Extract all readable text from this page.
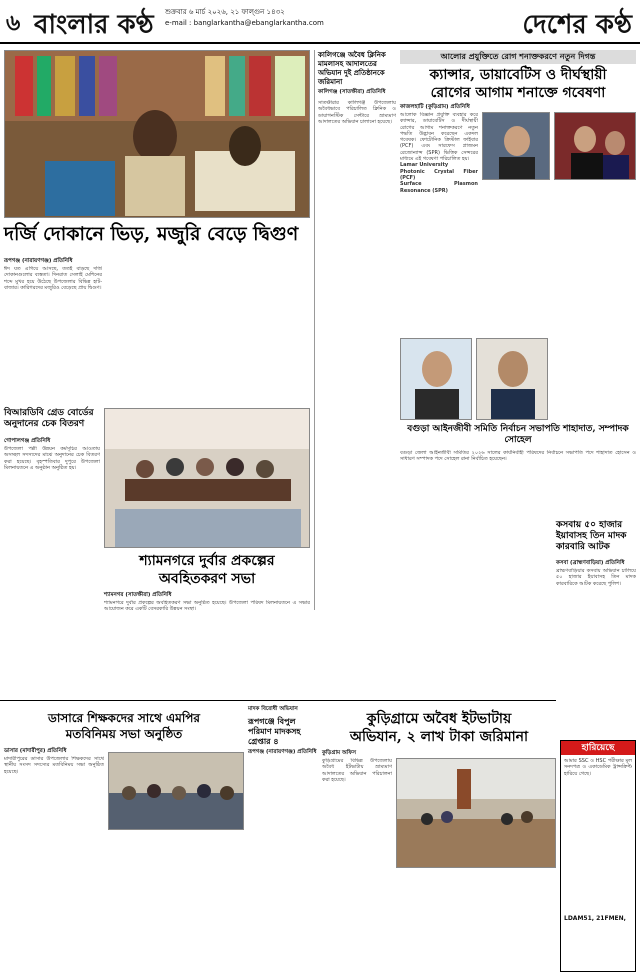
৬ বাংলার কণ্ঠ শুক্রবার ৬ মার্চ ২০২৬, ২১ ফাল্গুন ১৪৩২
e-mail : banglarkantha@ebanglarkantha.com	দেশের কণ্ঠ
দর্জি দোকানে ভিড়, মজুরি বেড়ে দ্বিগুণ
রূপগঞ্জ (নারায়ণগঞ্জ) প্রতিনিধি

ঈদ যত এগিয়ে আসছে, ততই বাড়ছে দর্জি দোকানগুলোর ব্যস্ততা। দিনরাত সেলাই মেশিনের শব্দে মুখর হয়ে উঠেছে উপজেলার বিভিন্ন হাট-বাজার। কারিগরদের মজুরিও বেড়েছে প্রায় দ্বিগুণ।

কালিগঞ্জে অবৈধ ক্লিনিক মামলাসহ আদালতের অভিযান দুই প্রতিষ্ঠানকে জরিমানা
কালিগঞ্জ (সাতক্ষীরা) প্রতিনিধি
সাতক্ষীরার কালিগঞ্জ উপজেলায় অবৈধভাবে পরিচালিত ক্লিনিক ও ডায়াগনস্টিক সেন্টারে ভ্রাম্যমাণ আদালতের অভিযান চালানো হয়েছে।
আলোর প্রযুক্তিতে রোগ শনাক্তকরণে নতুন দিগন্ত
ক্যান্সার, ডায়াবেটিস ও দীর্ঘস্থায়ী
রোগের আগাম শনাক্তে গবেষণা
কাজলহাটি (কুড়িগ্রাম) প্রতিনিধি

আলোক বিজ্ঞান প্রযুক্তি ব্যবহার করে ক্যান্সার, ডায়াবেটিস ও দীর্ঘস্থায়ী রোগের আগাম শনাক্তকরণে নতুন পদ্ধতি উদ্ভাবন করেছেন একদল গবেষক। ফোটোনিক ক্রিস্টাল ফাইবার (PCF) এবং সারফেস প্লাজমন রেজোন্যান্স (SPR) ভিত্তিক সেন্সরের মাধ্যমে এই গবেষণা পরিচালিত হয়।

Lamar University

Photonic Crystal Fiber (PCF)

Surface Plasmon Resonance (SPR)

বগুড়া আইনজীবী সমিতি নির্বাচন সভাপতি শাহাদাত, সম্পাদক সোহেল
বগুড়া জেলা আইনজীবী সমিতির ২০২৬ সালের কার্যনির্বাহী পরিষদের নির্বাচনে সভাপতি পদে শাহাদাত হোসেন ও সাধারণ সম্পাদক পদে সোহেল রানা নির্বাচিত হয়েছেন।
বিআরডিবি গ্রেড বোর্ডের অনুদানের চেক বিতরণ
গোপালগঞ্জ প্রতিনিধি
উপজেলা পল্লী উন্নয়ন কর্মসূচির আওতায় অসচ্ছল সদস্যদের মাঝে অনুদানের চেক বিতরণ করা হয়েছে। বৃহস্পতিবার দুপুরে উপজেলা মিলনায়তনে এ অনুষ্ঠান অনুষ্ঠিত হয়।
শ্যামনগরে দুর্বার প্রকল্পের
অবহিতকরণ সভা
শ্যামনগর (সাতক্ষীরা) প্রতিনিধি
শ্যামনগরে দুর্বার প্রকল্পের অবহিতকরণ সভা অনুষ্ঠিত হয়েছে। উপজেলা পরিষদ মিলনায়তনে এ সভার আয়োজন করে একটি বেসরকারি উন্নয়ন সংস্থা।
কসবায় ৫০ হাজার ইয়াবাসহ তিন মাদক কারবারি আটক
কসবা (ব্রাহ্মণবাড়িয়া) প্রতিনিধি
ব্রাহ্মণবাড়িয়ার কসবায় অভিযান চালিয়ে ৫০ হাজার ইয়াবাসহ তিন মাদক কারবারিকে আটক করেছে পুলিশ।
ডাসারে শিক্ষকদের সাথে এমপির
মতবিনিময় সভা অনুষ্ঠিত
ডাসার (মাদারীপুর) প্রতিনিধি
মাদারীপুরের ডাসার উপজেলার শিক্ষকদের সাথে স্থানীয় সংসদ সদস্যের মতবিনিময় সভা অনুষ্ঠিত হয়েছে।
মাদক বিরোধী অভিযান
রূপগঞ্জে বিপুল পরিমাণ মাদকসহ গ্রেপ্তার ৪
রূপগঞ্জ (নারায়ণগঞ্জ) প্রতিনিধি
কুড়িগ্রামে অবৈধ ইটভাটায়
অভিযান, ২ লাখ টাকা জরিমানা
কুড়িগ্রাম অফিস
কুড়িগ্রামের বিভিন্ন উপজেলায় অবৈধ ইটভাটায় ভ্রাম্যমাণ আদালতের অভিযান পরিচালনা করা হয়েছে।
হারিয়েছে
আমার SSC ও HSC পরীক্ষার মূল সনদপত্র ও একাডেমিক ট্রান্সক্রিপ্ট হারিয়ে গেছে।
LDAM51, 21FMEN,
